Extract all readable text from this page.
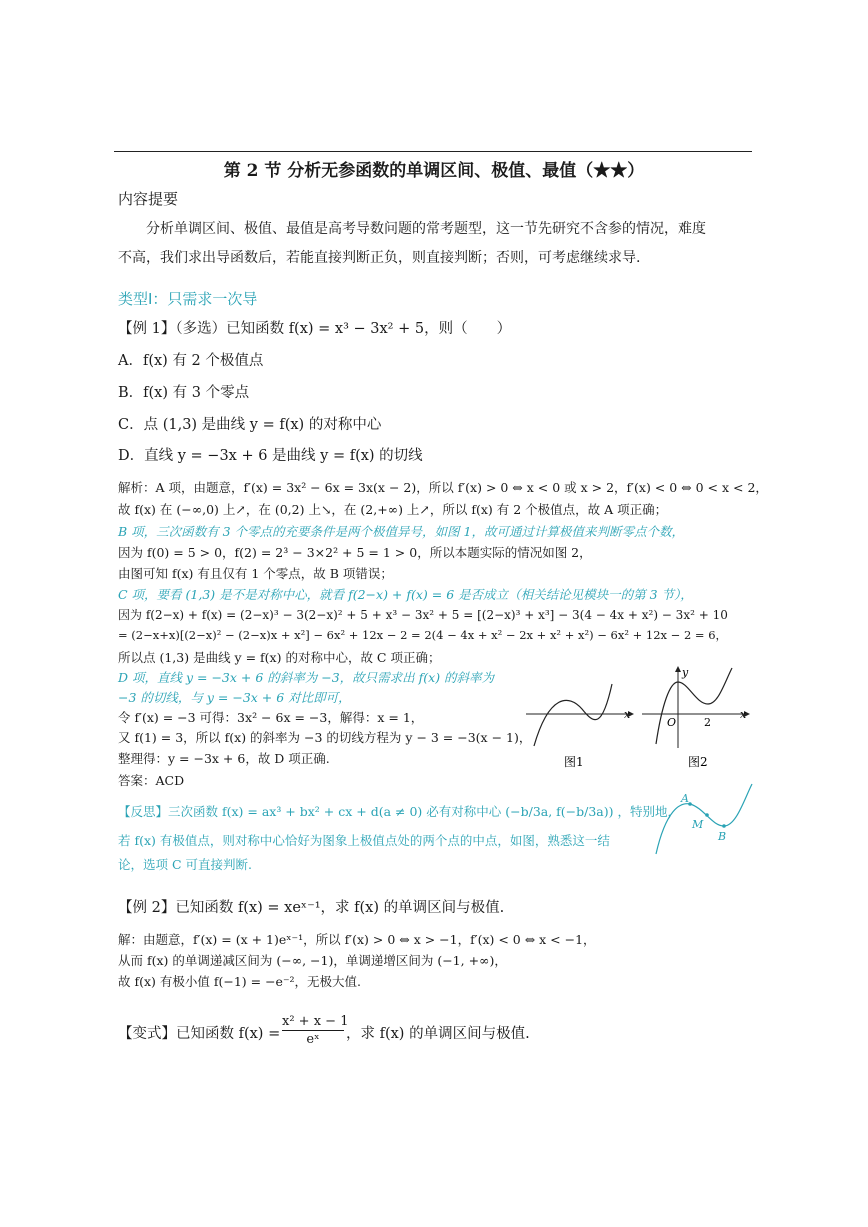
第 2 节 分析无参函数的单调区间、极值、最值（★★）
内容提要
分析单调区间、极值、最值是高考导数问题的常考题型，这一节先研究不含参的情况，难度
不高，我们求出导函数后，若能直接判断正负，则直接判断；否则，可考虑继续求导.
类型Ⅰ：只需求一次导
【例 1】（多选）已知函数 f(x) = x³ − 3x² + 5，则（　　）
A．f(x) 有 2 个极值点
B．f(x) 有 3 个零点
C．点 (1,3) 是曲线 y = f(x) 的对称中心
D．直线 y = −3x + 6 是曲线 y = f(x) 的切线
解析：A 项，由题意，f′(x) = 3x² − 6x = 3x(x − 2)，所以 f′(x) > 0 ⇔ x < 0 或 x > 2，f′(x) < 0 ⇔ 0 < x < 2，
故 f(x) 在 (−∞,0) 上↗，在 (0,2) 上↘，在 (2,+∞) 上↗，所以 f(x) 有 2 个极值点，故 A 项正确；
B 项，三次函数有 3 个零点的充要条件是两个极值异号，如图 1，故可通过计算极值来判断零点个数，
因为 f(0) = 5 > 0，f(2) = 2³ − 3×2² + 5 = 1 > 0，所以本题实际的情况如图 2，
由图可知 f(x) 有且仅有 1 个零点，故 B 项错误；
C 项，要看 (1,3) 是不是对称中心，就看 f(2−x) + f(x) = 6 是否成立（相关结论见模块一的第 3 节），
因为 f(2−x) + f(x) = (2−x)³ − 3(2−x)² + 5 + x³ − 3x² + 5 = [(2−x)³ + x³] − 3(4 − 4x + x²) − 3x² + 10
= (2−x+x)[(2−x)² − (2−x)x + x²] − 6x² + 12x − 2 = 2(4 − 4x + x² − 2x + x² + x²) − 6x² + 12x − 2 = 6，
所以点 (1,3) 是曲线 y = f(x) 的对称中心，故 C 项正确；
D 项，直线 y = −3x + 6 的斜率为 −3，故只需求出 f(x) 的斜率为
−3 的切线，与 y = −3x + 6 对比即可，
令 f′(x) = −3 可得：3x² − 6x = −3，解得：x = 1，
又 f(1) = 3，所以 f(x) 的斜率为 −3 的切线方程为 y − 3 = −3(x − 1)，
整理得：y = −3x + 6，故 D 项正确.
答案：ACD
x
图1
x
y
O	2
图2
【反思】三次函数 f(x) = ax³ + bx² + cx + d(a ≠ 0) 必有对称中心 (−b/3a, f(−b/3a)) ，特别地，
若 f(x) 有极值点，则对称中心恰好为图象上极值点处的两个点的中点，如图，熟悉这一结
论，选项 C 可直接判断.
A
M
B
【例 2】已知函数 f(x) = xeˣ⁻¹，求 f(x) 的单调区间与极值.
解：由题意，f′(x) = (x + 1)eˣ⁻¹，所以 f′(x) > 0 ⇔ x > −1，f′(x) < 0 ⇔ x < −1，
从而 f(x) 的单调递减区间为 (−∞, −1)，单调递增区间为 (−1, +∞)，
故 f(x) 有极小值 f(−1) = −e⁻²，无极大值.
【变式】已知函数 $f(x) = \frac{\text{x² + x − 1}}{\text{eˣ}}$ ，求 f(x) 的单调区间与极值.
